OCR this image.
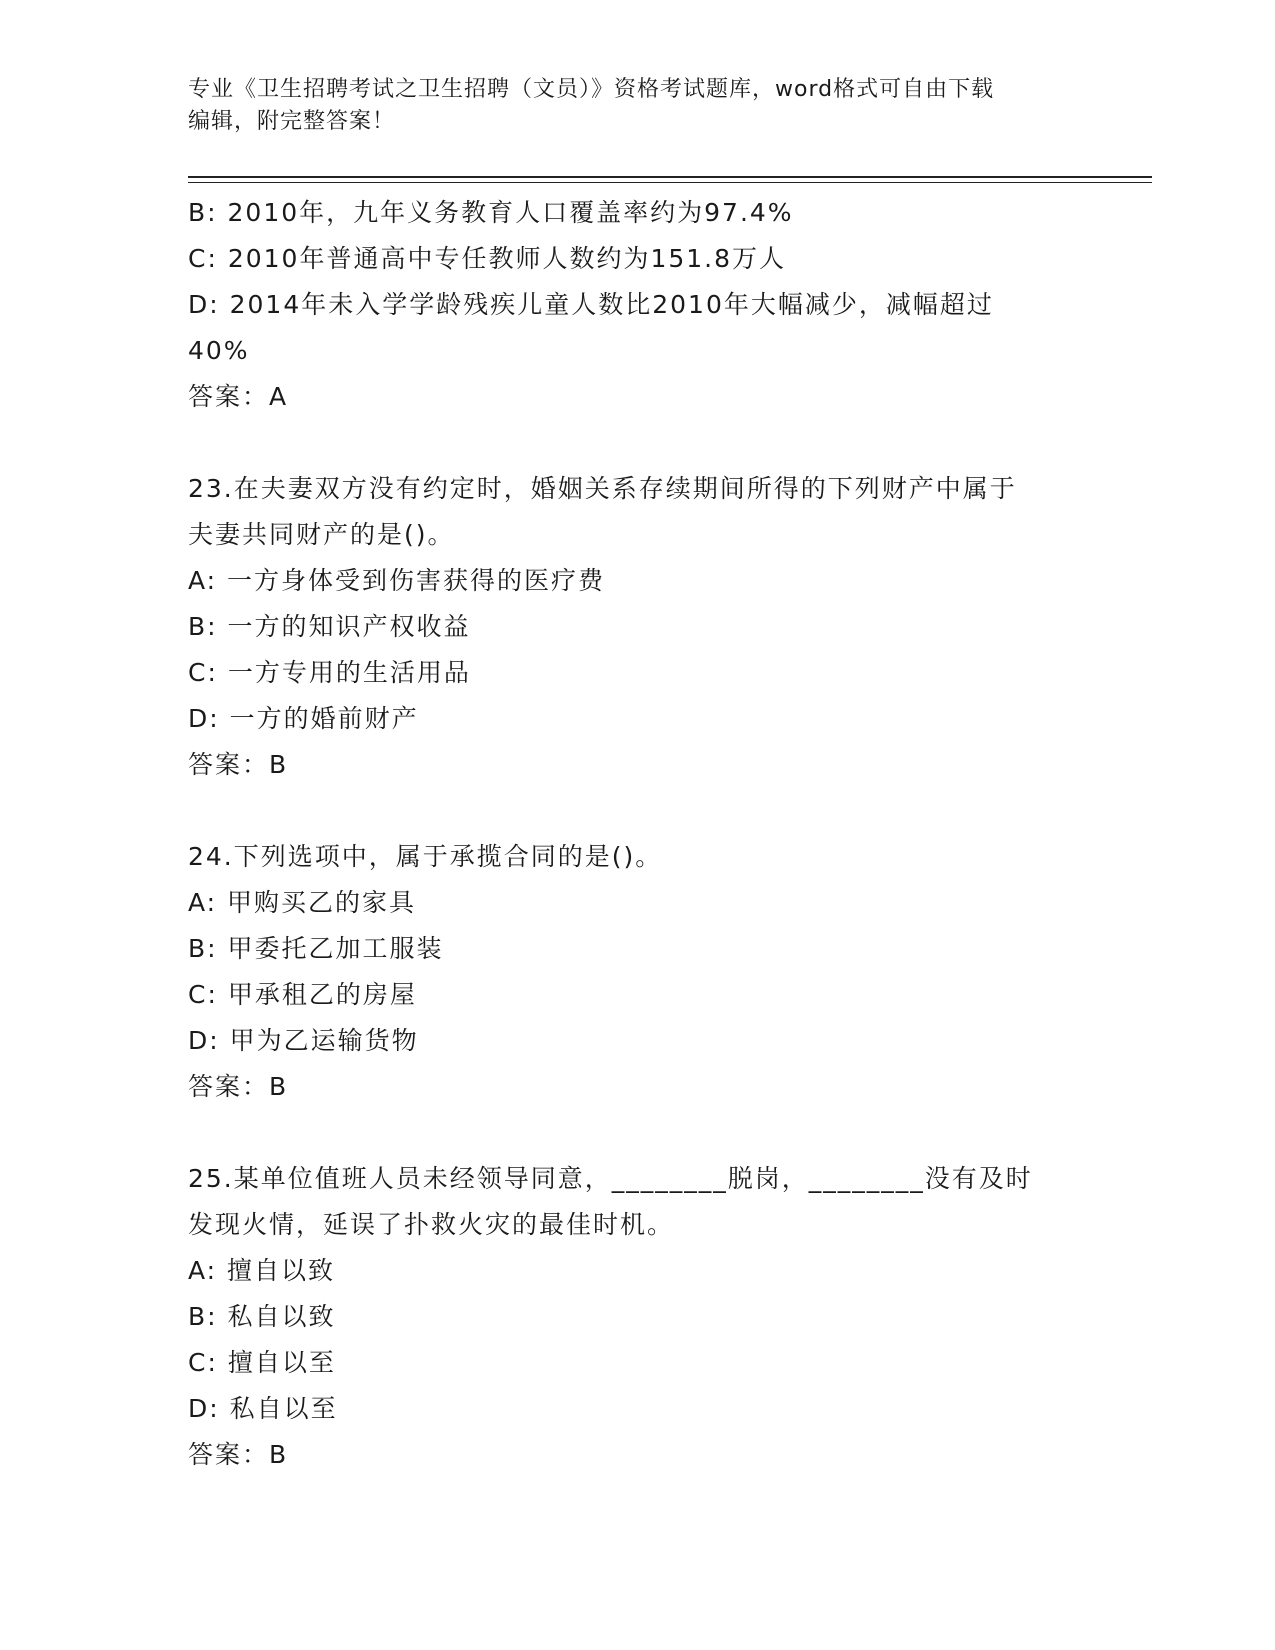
专业《卫生招聘考试之卫生招聘（文员）》资格考试题库，word格式可自由下载
编辑，附完整答案！
B: 2010年，九年义务教育人口覆盖率约为97.4%
C: 2010年普通高中专任教师人数约为151.8万人
D: 2014年未入学学龄残疾儿童人数比2010年大幅减少，减幅超过
40%
答案：A
23.在夫妻双方没有约定时，婚姻关系存续期间所得的下列财产中属于
夫妻共同财产的是()。
A: 一方身体受到伤害获得的医疗费
B: 一方的知识产权收益
C: 一方专用的生活用品
D: 一方的婚前财产
答案：B
24.下列选项中，属于承揽合同的是()。
A: 甲购买乙的家具
B: 甲委托乙加工服装
C: 甲承租乙的房屋
D: 甲为乙运输货物
答案：B
25.某单位值班人员未经领导同意，________脱岗，________没有及时
发现火情，延误了扑救火灾的最佳时机。
A: 擅自以致
B: 私自以致
C: 擅自以至
D: 私自以至
答案：B
